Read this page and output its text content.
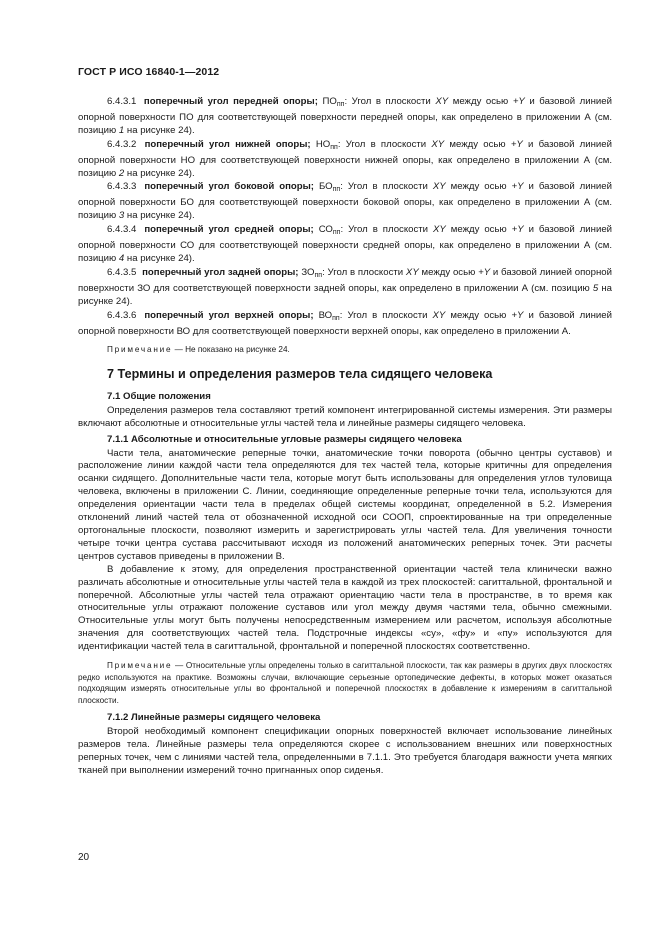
ГОСТ Р ИСО 16840-1—2012

6.4.3.1 поперечный угол передней опоры; $ПО_{пп}$: Угол в плоскости XY между осью +Y и базовой линией опорной поверхности ПО для соответствующей поверхности передней опоры, как определено в приложении А (см. позицию 1 на рисунке 24).

6.4.3.2 поперечный угол нижней опоры; $НО_{пп}$: Угол в плоскости XY между осью +Y и базовой линией опорной поверхности НО для соответствующей поверхности нижней опоры, как определено в приложении А (см. позицию 2 на рисунке 24).

6.4.3.3 поперечный угол боковой опоры; $БО_{пп}$: Угол в плоскости XY между осью +Y и базовой линией опорной поверхности БО для соответствующей поверхности боковой опоры, как определено в приложении А (см. позицию 3 на рисунке 24).

6.4.3.4 поперечный угол средней опоры; $СО_{пп}$: Угол в плоскости XY между осью +Y и базовой линией опорной поверхности СО для соответствующей поверхности средней опоры, как определено в приложении А (см. позицию 4 на рисунке 24).

6.4.3.5 поперечный угол задней опоры; $ЗО_{пп}$: Угол в плоскости XY между осью +Y и базовой линией опорной поверхности ЗО для соответствующей поверхности задней опоры, как определено в приложении А (см. позицию 5 на рисунке 24).

6.4.3.6 поперечный угол верхней опоры; $ВО_{пп}$: Угол в плоскости XY между осью +Y и базовой линией опорной поверхности ВО для соответствующей поверхности верхней опоры, как определено в приложении А.

Примечание — Не показано на рисунке 24.

7 Термины и определения размеров тела сидящего человека

7.1 Общие положения

Определения размеров тела составляют третий компонент интегрированной системы измерения. Эти размеры включают абсолютные и относительные углы частей тела и линейные размеры сидящего человека.

7.1.1 Абсолютные и относительные угловые размеры сидящего человека

Части тела, анатомические реперные точки, анатомические точки поворота (обычно центры суставов) и расположение линии каждой части тела определяются для тех частей тела, которые критичны для определения осанки сидящего. Дополнительные части тела, которые могут быть использованы для определения углов туловища человека, включены в приложении С. Линии, соединяющие определенные реперные точки тела, используются для определения ориентации части тела в пределах общей системы координат, определенной в 5.2. Измерения отклонений линий частей тела от обозначенной исходной оси СООП, спроектированные на три определенные ортогональные плоскости, позволяют измерить и зарегистрировать углы частей тела. Для увеличения точности четыре точки центра сустава рассчитывают исходя из положений анатомических реперных точек. Эти расчеты центров суставов приведены в приложении В.

В добавление к этому, для определения пространственной ориентации частей тела клинически важно различать абсолютные и относительные углы частей тела в каждой из трех плоскостей: сагиттальной, фронтальной и поперечной. Абсолютные углы частей тела отражают ориентацию части тела в пространстве, в то время как относительные углы отражают положение суставов или угол между двумя частями тела, обычно смежными. Относительные углы могут быть получены непосредственным измерением или расчетом, используя абсолютные значения для соответствующих частей тела. Подстрочные индексы «су», «фу» и «пу» используются для идентификации частей тела в сагиттальной, фронтальной и поперечной плоскостях соответственно.

Примечание — Относительные углы определены только в сагиттальной плоскости, так как размеры в других двух плоскостях редко используются на практике. Возможны случаи, включающие серьезные ортопедические дефекты, в которых может оказаться подходящим измерять относительные углы во фронтальной и поперечной плоскостях в добавление к измерениям в сагиттальной плоскости.

7.1.2 Линейные размеры сидящего человека

Второй необходимый компонент спецификации опорных поверхностей включает использование линейных размеров тела. Линейные размеры тела определяются скорее с использованием внешних или поверхностных реперных точек, чем с линиями частей тела, определенными в 7.1.1. Это требуется благодаря важности учета мягких тканей при выполнении измерений точно пригнанных опор сиденья.

20
